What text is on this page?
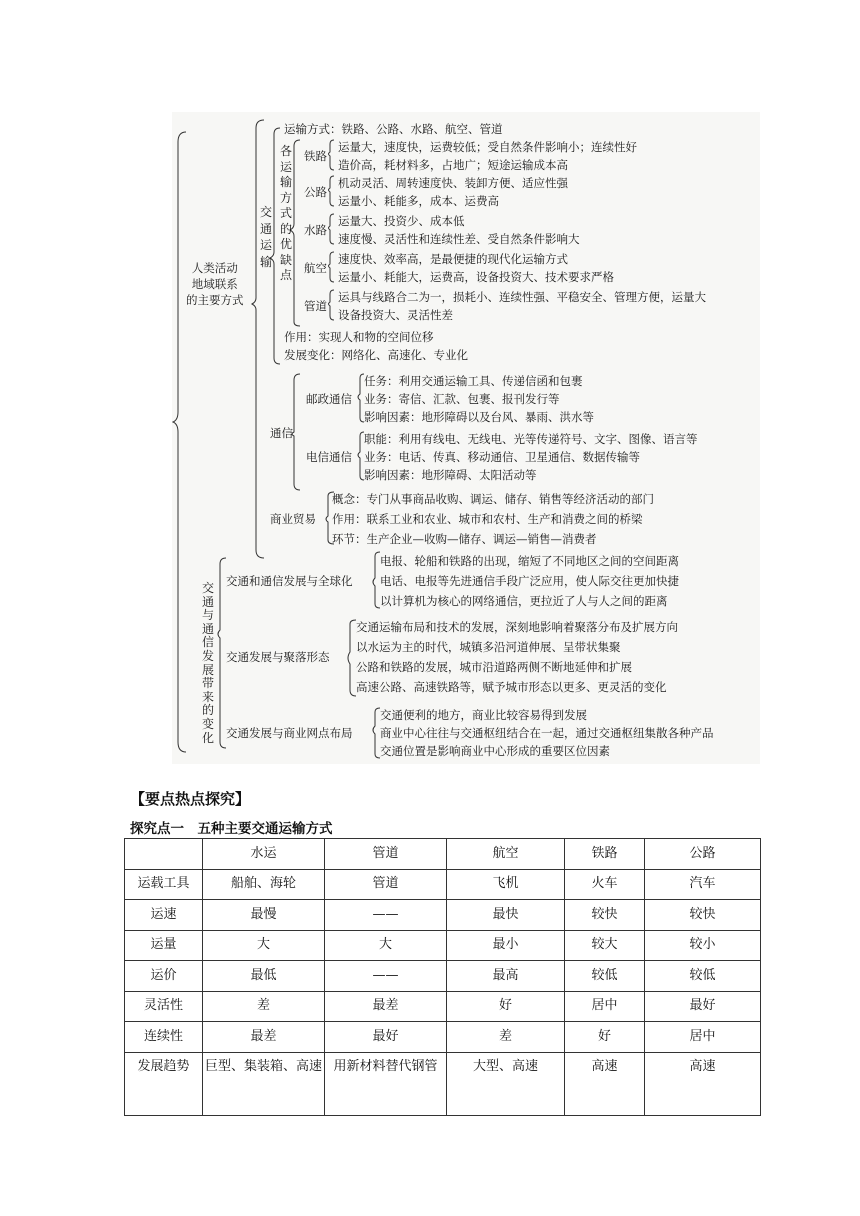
人类活动
地域联系
的主要方式
交
通
运
输
各
运
输
方
式
的
优
缺
点
运输方式：铁路、公路、水路、航空、管道
铁路
运量大，速度快，运费较低；受自然条件影响小；连续性好
造价高，耗材料多，占地广；短途运输成本高
公路
机动灵活、周转速度快、装卸方便、适应性强
运量小、耗能多，成本、运费高
水路
运量大、投资少、成本低
速度慢、灵活性和连续性差、受自然条件影响大
航空
速度快、效率高，是最便捷的现代化运输方式
运量小、耗能大，运费高，设备投资大、技术要求严格
管道
运具与线路合二为一，损耗小、连续性强、平稳安全、管理方便，运量大
设备投资大、灵活性差
作用：实现人和物的空间位移
发展变化：网络化、高速化、专业化
通信
邮政通信
任务：利用交通运输工具、传递信函和包裹
业务：寄信、汇款、包裹、报刊发行等
影响因素：地形障碍以及台风、暴雨、洪水等
电信通信
职能：利用有线电、无线电、光等传递符号、文字、图像、语言等
业务：电话、传真、移动通信、卫星通信、数据传输等
影响因素：地形障碍、太阳活动等
商业贸易
概念：专门从事商品收购、调运、储存、销售等经济活动的部门
作用：联系工业和农业、城市和农村、生产和消费之间的桥梁
环节：生产企业—收购—储存、调运—销售—消费者
交
通
与
通
信
发
展
带
来
的
变
化
交通和通信发展与全球化
电报、轮船和铁路的出现，缩短了不同地区之间的空间距离
电话、电报等先进通信手段广泛应用，使人际交往更加快捷
以计算机为核心的网络通信，更拉近了人与人之间的距离
交通发展与聚落形态
交通运输布局和技术的发展，深刻地影响着聚落分布及扩展方向
以水运为主的时代，城镇多沿河道伸展、呈带状集聚
公路和铁路的发展，城市沿道路两侧不断地延伸和扩展
高速公路、高速铁路等，赋予城市形态以更多、更灵活的变化
交通发展与商业网点布局
交通便利的地方，商业比较容易得到发展
商业中心往往与交通枢纽结合在一起，通过交通枢纽集散各种产品
交通位置是影响商业中心形成的重要区位因素
【要点热点探究】
探究点一　五种主要交通运输方式
	水运	管道	航空	铁路	公路
运载工具	船舶、海轮	管道	飞机	火车	汽车
运速	最慢	——	最快	较快	较快
运量	大	大	最小	较大	较小
运价	最低	——	最高	较低	较低
灵活性	差	最差	好	居中	最好
连续性	最差	最好	差	好	居中
发展趋势	巨型、集装箱、高速	用新材料替代钢管	大型、高速	高速	高速
